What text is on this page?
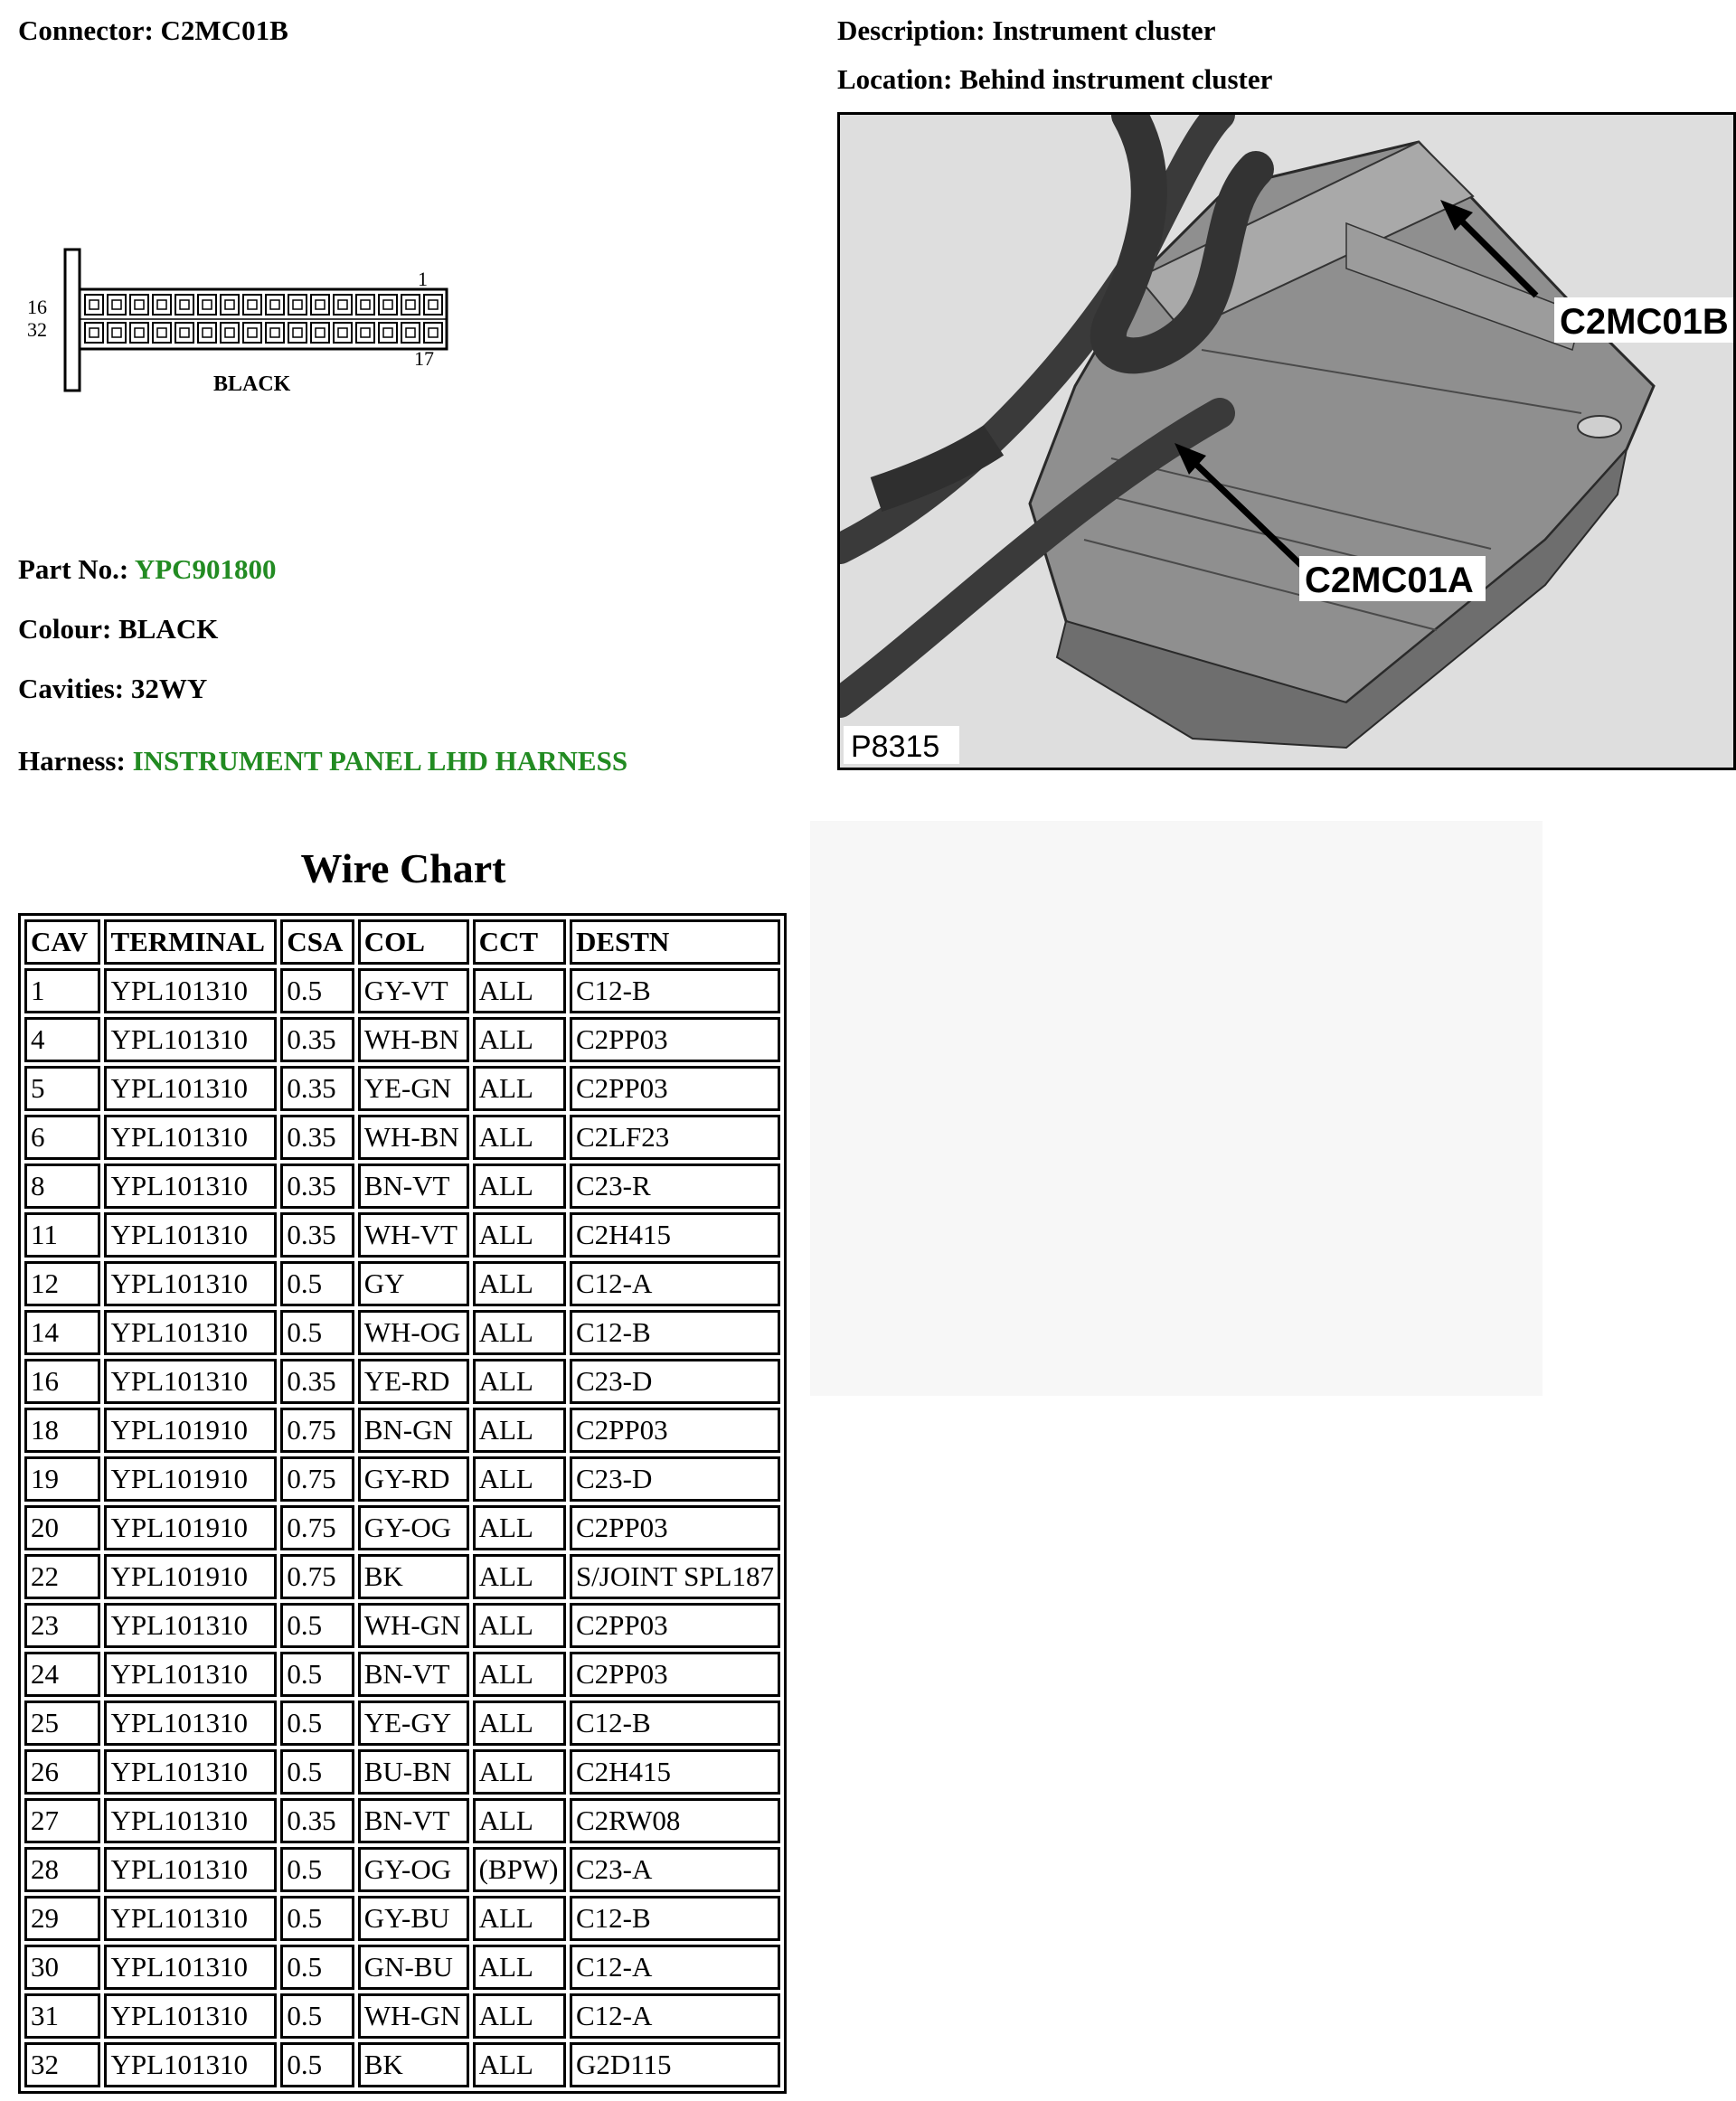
Connector: C2MC01B	Description: Instrument cluster
Location: Behind instrument cluster
16
32
1
17
BLACK
Part No.: YPC901800
Colour: BLACK
Cavities: 32WY
Harness: INSTRUMENT PANEL LHD HARNESS
C2MC01B
C2MC01A
P8315
Wire Chart
CAV	TERMINAL	CSA	COL	CCT	DESTN
1	YPL101310	0.5	GY-VT	ALL	C12-B
4	YPL101310	0.35	WH-BN	ALL	C2PP03
5	YPL101310	0.35	YE-GN	ALL	C2PP03
6	YPL101310	0.35	WH-BN	ALL	C2LF23
8	YPL101310	0.35	BN-VT	ALL	C23-R
11	YPL101310	0.35	WH-VT	ALL	C2H415
12	YPL101310	0.5	GY	ALL	C12-A
14	YPL101310	0.5	WH-OG	ALL	C12-B
16	YPL101310	0.35	YE-RD	ALL	C23-D
18	YPL101910	0.75	BN-GN	ALL	C2PP03
19	YPL101910	0.75	GY-RD	ALL	C23-D
20	YPL101910	0.75	GY-OG	ALL	C2PP03
22	YPL101910	0.75	BK	ALL	S/JOINT SPL187
23	YPL101310	0.5	WH-GN	ALL	C2PP03
24	YPL101310	0.5	BN-VT	ALL	C2PP03
25	YPL101310	0.5	YE-GY	ALL	C12-B
26	YPL101310	0.5	BU-BN	ALL	C2H415
27	YPL101310	0.35	BN-VT	ALL	C2RW08
28	YPL101310	0.5	GY-OG	(BPW)	C23-A
29	YPL101310	0.5	GY-BU	ALL	C12-B
30	YPL101310	0.5	GN-BU	ALL	C12-A
31	YPL101310	0.5	WH-GN	ALL	C12-A
32	YPL101310	0.5	BK	ALL	G2D115
